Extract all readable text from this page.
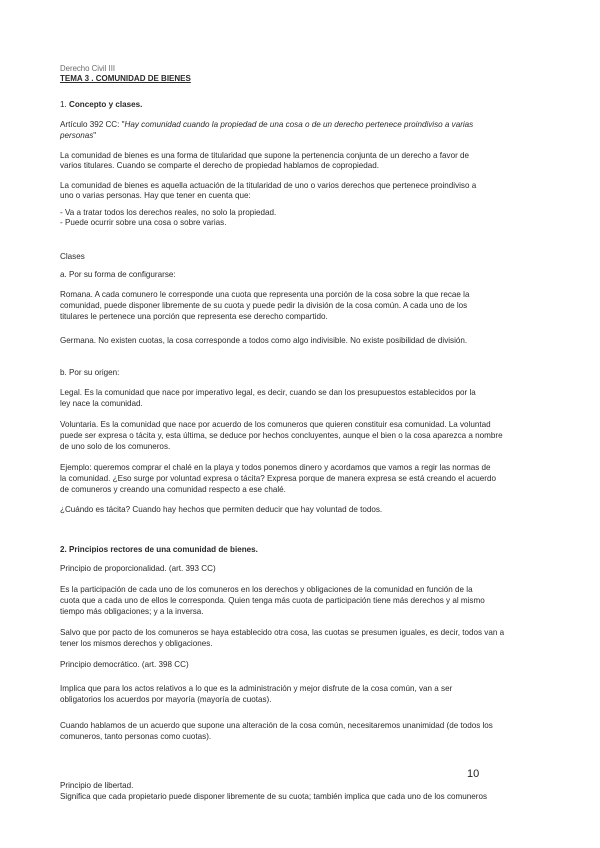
Derecho Civil III
TEMA 3 . COMUNIDAD DE BIENES
1. Concepto y clases.
Artículo 392 CC: "Hay comunidad cuando la propiedad de una cosa o de un derecho pertenece proindiviso a varias
personas"
La comunidad de bienes es una forma de titularidad que supone la pertenencia conjunta de un derecho a favor de
varios titulares. Cuando se comparte el derecho de propiedad hablamos de copropiedad.
La comunidad de bienes es aquella actuación de la titularidad de uno o varios derechos que pertenece proindiviso a
uno o varias personas. Hay que tener en cuenta que:
- Va a tratar todos los derechos reales, no solo la propiedad.
- Puede ocurrir sobre una cosa o sobre varias.
Clases
a. Por su forma de configurarse:
Romana. A cada comunero le corresponde una cuota que representa una porción de la cosa sobre la que recae la
comunidad, puede disponer libremente de su cuota y puede pedir la división de la cosa común. A cada uno de los
titulares le pertenece una porción que representa ese derecho compartido.
Germana. No existen cuotas, la cosa corresponde a todos como algo indivisible. No existe posibilidad de división.
b. Por su origen:
Legal. Es la comunidad que nace por imperativo legal, es decir, cuando se dan los presupuestos establecidos por la
ley nace la comunidad.
Voluntaria. Es la comunidad que nace por acuerdo de los comuneros que quieren constituir esa comunidad. La voluntad
puede ser expresa o tácita y, esta última, se deduce por hechos concluyentes, aunque el bien o la cosa aparezca a nombre
de uno solo de los comuneros.
Ejemplo: queremos comprar el chalé en la playa y todos ponemos dinero y acordamos que vamos a regir las normas de
la comunidad. ¿Eso surge por voluntad expresa o tácita? Expresa porque de manera expresa se está creando el acuerdo
de comuneros y creando una comunidad respecto a ese chalé.
¿Cuándo es tácita? Cuando hay hechos que permiten deducir que hay voluntad de todos.
2. Principios rectores de una comunidad de bienes.
Principio de proporcionalidad. (art. 393 CC)
Es la participación de cada uno de los comuneros en los derechos y obligaciones de la comunidad en función de la
cuota que a cada uno de ellos le corresponda. Quien tenga más cuota de participación tiene más derechos y al mismo
tiempo más obligaciones; y a la inversa.
Salvo que por pacto de los comuneros se haya establecido otra cosa, las cuotas se presumen iguales, es decir, todos van a
tener los mismos derechos y obligaciones.
Principio democrático. (art. 398 CC)
Implica que para los actos relativos a lo que es la administración y mejor disfrute de la cosa común, van a ser
obligatorios los acuerdos por mayoría (mayoría de cuotas).
Cuando hablamos de un acuerdo que supone una alteración de la cosa común, necesitaremos unanimidad (de todos los
comuneros, tanto personas como cuotas).
10
Principio de libertad.
Significa que cada propietario puede disponer libremente de su cuota; también implica que cada uno de los comuneros
